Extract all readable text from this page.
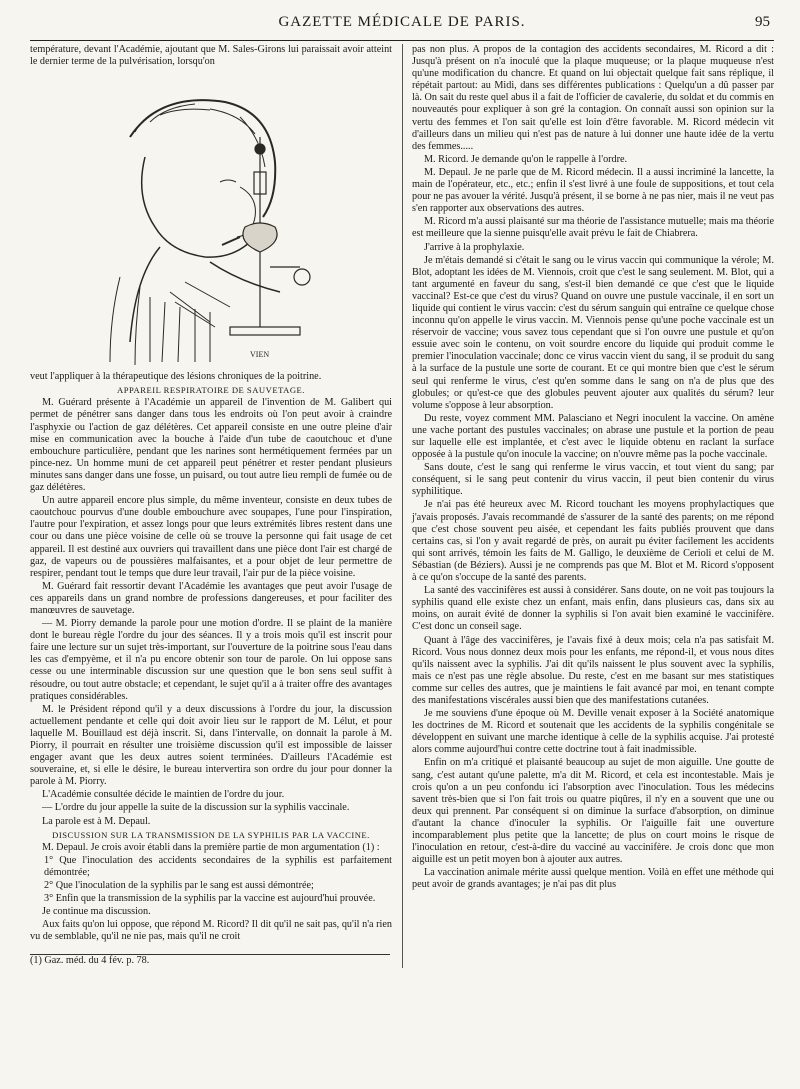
GAZETTE MÉDICALE DE PARIS.	95

température, devant l'Académie, ajoutant que M. Sales-Girons lui paraissait avoir atteint le dernier terme de la pulvérisation, lorsqu'on

VIEN

veut l'appliquer à la thérapeutique des lésions chroniques de la poitrine.

APPAREIL RESPIRATOIRE DE SAUVETAGE.

M. Guérard présente à l'Académie un appareil de l'invention de M. Galibert qui permet de pénétrer sans danger dans tous les endroits où l'on peut avoir à craindre l'asphyxie ou l'action de gaz délétères. Cet appareil consiste en une outre pleine d'air mise en communication avec la bouche à l'aide d'un tube de caoutchouc et d'une embouchure particulière, pendant que les narines sont hermétiquement fermées par un pince-nez. Un homme muni de cet appareil peut pénétrer et rester pendant plusieurs minutes sans danger dans une fosse, un puisard, ou tout autre lieu rempli de fumée ou de gaz délétères.

Un autre appareil encore plus simple, du même inventeur, consiste en deux tubes de caoutchouc pourvus d'une double embouchure avec soupapes, l'une pour l'inspiration, l'autre pour l'expiration, et assez longs pour que leurs extrémités libres restent dans une cour ou dans une pièce voisine de celle où se trouve la personne qui fait usage de cet appareil. Il est destiné aux ouvriers qui travaillent dans une pièce dont l'air est chargé de gaz, de vapeurs ou de poussières malfaisantes, et a pour objet de leur permettre de respirer, pendant tout le temps que dure leur travail, l'air pur de la pièce voisine.

M. Guérard fait ressortir devant l'Académie les avantages que peut avoir l'usage de ces appareils dans un grand nombre de professions dangereuses, et pour faciliter des manœuvres de sauvetage.

— M. Piorry demande la parole pour une motion d'ordre. Il se plaint de la manière dont le bureau règle l'ordre du jour des séances. Il y a trois mois qu'il est inscrit pour faire une lecture sur un sujet très-important, sur l'ouverture de la poitrine sous l'eau dans les cas d'empyème, et il n'a pu encore obtenir son tour de parole. On lui oppose sans cesse ou une interminable discussion sur une question que le bon sens seul suffit à résoudre, ou tout autre obstacle; et cependant, le sujet qu'il a à traiter offre des avantages pratiques considérables.

M. le Président répond qu'il y a deux discussions à l'ordre du jour, la discussion actuellement pendante et celle qui doit avoir lieu sur le rapport de M. Lélut, et pour laquelle M. Bouillaud est déjà inscrit. Si, dans l'intervalle, on donnait la parole à M. Piorry, il pourrait en résulter une troisième discussion qu'il est impossible de laisser engager avant que les deux autres soient terminées. D'ailleurs l'Académie est souveraine, et, si elle le désire, le bureau intervertira son ordre du jour pour donner la parole à M. Piorry.

L'Académie consultée décide le maintien de l'ordre du jour.

— L'ordre du jour appelle la suite de la discussion sur la syphilis vaccinale.

La parole est à M. Depaul.

DISCUSSION SUR LA TRANSMISSION DE LA SYPHILIS PAR LA VACCINE.

M. Depaul. Je crois avoir établi dans la première partie de mon argumentation (1) :

1° Que l'inoculation des accidents secondaires de la syphilis est parfaitement démontrée;

2° Que l'inoculation de la syphilis par le sang est aussi démontrée;

3° Enfin que la transmission de la syphilis par la vaccine est aujourd'hui prouvée.

Je continue ma discussion.

Aux faits qu'on lui oppose, que répond M. Ricord? Il dit qu'il ne sait pas, qu'il n'a rien vu de semblable, qu'il ne nie pas, mais qu'il ne croit

(1) Gaz. méd. du 4 fév. p. 78.

pas non plus. A propos de la contagion des accidents secondaires, M. Ricord a dit : Jusqu'à présent on n'a inoculé que la plaque muqueuse; or la plaque muqueuse n'est qu'une modification du chancre. Et quand on lui objectait quelque fait sans réplique, il répétait partout: au Midi, dans ses différentes publications : Quelqu'un a dû passer par là. On sait du reste quel abus il a fait de l'officier de cavalerie, du soldat et du commis en nouveautés pour expliquer à son gré la contagion. On connaît aussi son opinion sur la vertu des femmes et l'on sait qu'elle est loin d'être favorable. M. Ricord médecin vit d'ailleurs dans un milieu qui n'est pas de nature à lui donner une haute idée de la vertu des femmes.....

M. Ricord. Je demande qu'on le rappelle à l'ordre.

M. Depaul. Je ne parle que de M. Ricord médecin. Il a aussi incriminé la lancette, la main de l'opérateur, etc., etc.; enfin il s'est livré à une foule de suppositions, et tout cela pour ne pas avouer la vérité. Jusqu'à présent, il se borne à ne pas nier, mais il ne veut pas s'en rapporter aux observations des autres.

M. Ricord m'a aussi plaisanté sur ma théorie de l'assistance mutuelle; mais ma théorie est meilleure que la sienne puisqu'elle avait prévu le fait de Chiabrera.

J'arrive à la prophylaxie.

Je m'étais demandé si c'était le sang ou le virus vaccin qui communique la vérole; M. Blot, adoptant les idées de M. Viennois, croit que c'est le sang seulement. M. Blot, qui a tant argumenté en faveur du sang, s'est-il bien demandé ce que c'est que le liquide vaccinal? Est-ce que c'est du virus? Quand on ouvre une pustule vaccinale, il en sort un liquide qui contient le virus vaccin: c'est du sérum sanguin qui entraîne ce quelque chose inconnu qu'on appelle le virus vaccin. M. Viennois pense qu'une poche vaccinale est un réservoir de vaccine; vous savez tous cependant que si l'on ouvre une pustule et qu'on essuie avec soin le contenu, on voit sourdre encore du liquide qui produit comme le premier l'inoculation vaccinale; donc ce virus vaccin vient du sang, il se produit du sang à la surface de la pustule une sorte de courant. Et ce qui montre bien que c'est le sérum seul qui renferme le virus, c'est qu'en somme dans le sang on n'a de plus que des globules; or qu'est-ce que des globules peuvent ajouter aux qualités du sérum? leur volume s'oppose à leur absorption.

Du reste, voyez comment MM. Palasciano et Negri inoculent la vaccine. On amène une vache portant des pustules vaccinales; on abrase une pustule et la portion de peau sur laquelle elle est implantée, et c'est avec le liquide obtenu en raclant la surface opposée à la pustule qu'on inocule la vaccine; on n'ouvre même pas la poche vaccinale.

Sans doute, c'est le sang qui renferme le virus vaccin, et tout vient du sang; par conséquent, si le sang peut contenir du virus vaccin, il peut bien contenir du virus syphilitique.

Je n'ai pas été heureux avec M. Ricord touchant les moyens prophylactiques que j'avais proposés. J'avais recommandé de s'assurer de la santé des parents; on me répond que c'est chose souvent peu aisée, et cependant les faits publiés prouvent que dans certains cas, si l'on y avait regardé de près, on aurait pu éviter facilement les accidents qui sont arrivés, témoin les faits de M. Galligo, le deuxième de Cerioli et celui de M. Sébastian (de Béziers). Aussi je ne comprends pas que M. Blot et M. Ricord s'opposent à ce qu'on s'occupe de la santé des parents.

La santé des vaccinifères est aussi à considérer. Sans doute, on ne voit pas toujours la syphilis quand elle existe chez un enfant, mais enfin, dans plusieurs cas, dans six au moins, on aurait évité de donner la syphilis si l'on avait bien examiné le vaccinifère. C'est donc un conseil sage.

Quant à l'âge des vaccinifères, je l'avais fixé à deux mois; cela n'a pas satisfait M. Ricord. Vous nous donnez deux mois pour les enfants, me répond-il, et vous nous dites qu'ils naissent avec la syphilis. J'ai dit qu'ils naissent le plus souvent avec la syphilis, mais ce n'est pas une règle absolue. Du reste, c'est en me basant sur mes statistiques comme sur celles des autres, que je maintiens le fait avancé par moi, en tenant compte des manifestations viscérales aussi bien que des manifestations cutanées.

Je me souviens d'une époque où M. Deville venait exposer à la Société anatomique les doctrines de M. Ricord et soutenait que les accidents de la syphilis congénitale se développent en suivant une marche identique à celle de la syphilis acquise. J'ai protesté alors comme aujourd'hui contre cette doctrine tout à fait inadmissible.

Enfin on m'a critiqué et plaisanté beaucoup au sujet de mon aiguille. Une goutte de sang, c'est autant qu'une palette, m'a dit M. Ricord, et cela est incontestable. Mais je crois qu'on a un peu confondu ici l'absorption avec l'inoculation. Tous les médecins savent très-bien que si l'on fait trois ou quatre piqûres, il n'y en a souvent que une ou deux qui prennent. Par conséquent si on diminue la surface d'absorption, on diminue d'autant la chance d'inoculer la syphilis. Or l'aiguille fait une ouverture incomparablement plus petite que la lancette; de plus on court moins le risque de l'inoculation en retour, c'est-à-dire du vacciné au vaccinifère. Je crois donc que mon aiguille est un petit moyen bon à ajouter aux autres.

La vaccination animale mérite aussi quelque mention. Voilà en effet une méthode qui peut avoir de grands avantages; je n'ai pas dit plus
